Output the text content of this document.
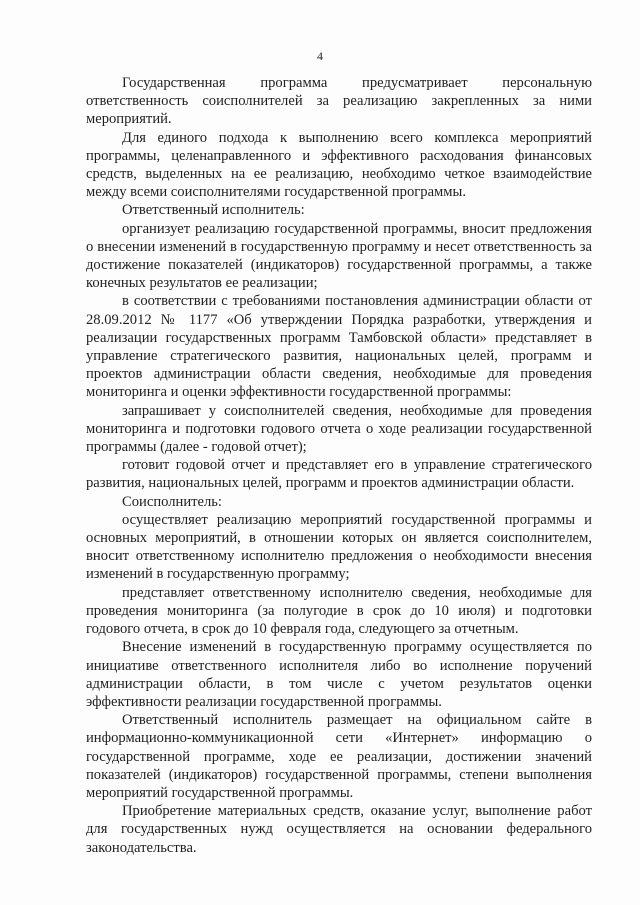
4

Государственная программа предусматривает персональную ответственность соисполнителей за реализацию закрепленных за ними мероприятий.

Для единого подхода к выполнению всего комплекса мероприятий программы, целенаправленного и эффективного расходования финансовых средств, выделенных на ее реализацию, необходимо четкое взаимодействие между всеми соисполнителями государственной программы.

Ответственный исполнитель:

организует реализацию государственной программы, вносит предложения о внесении изменений в государственную программу и несет ответственность за достижение показателей (индикаторов) государственной программы, а также конечных результатов ее реализации;

в соответствии с требованиями постановления администрации области от 28.09.2012 № 1177 «Об утверждении Порядка разработки, утверждения и реализации государственных программ Тамбовской области» представляет в управление стратегического развития, национальных целей, программ и проектов администрации области сведения, необходимые для проведения мониторинга и оценки эффективности государственной программы:

запрашивает у соисполнителей сведения, необходимые для проведения мониторинга и подготовки годового отчета о ходе реализации государственной программы (далее - годовой отчет);

готовит годовой отчет и представляет его в управление стратегического развития, национальных целей, программ и проектов администрации области.

Соисполнитель:

осуществляет реализацию мероприятий государственной программы и основных мероприятий, в отношении которых он является соисполнителем, вносит ответственному исполнителю предложения о необходимости внесения изменений в государственную программу;

представляет ответственному исполнителю сведения, необходимые для проведения мониторинга (за полугодие в срок до 10 июля) и подготовки годового отчета, в срок до 10 февраля года, следующего за отчетным.

Внесение изменений в государственную программу осуществляется по инициативе ответственного исполнителя либо во исполнение поручений администрации области, в том числе с учетом результатов оценки эффективности реализации государственной программы.

Ответственный исполнитель размещает на официальном сайте в информационно-коммуникационной сети «Интернет» информацию о государственной программе, ходе ее реализации, достижении значений показателей (индикаторов) государственной программы, степени выполнения мероприятий государственной программы.

Приобретение материальных средств, оказание услуг, выполнение работ для государственных нужд осуществляется на основании федерального законодательства.
